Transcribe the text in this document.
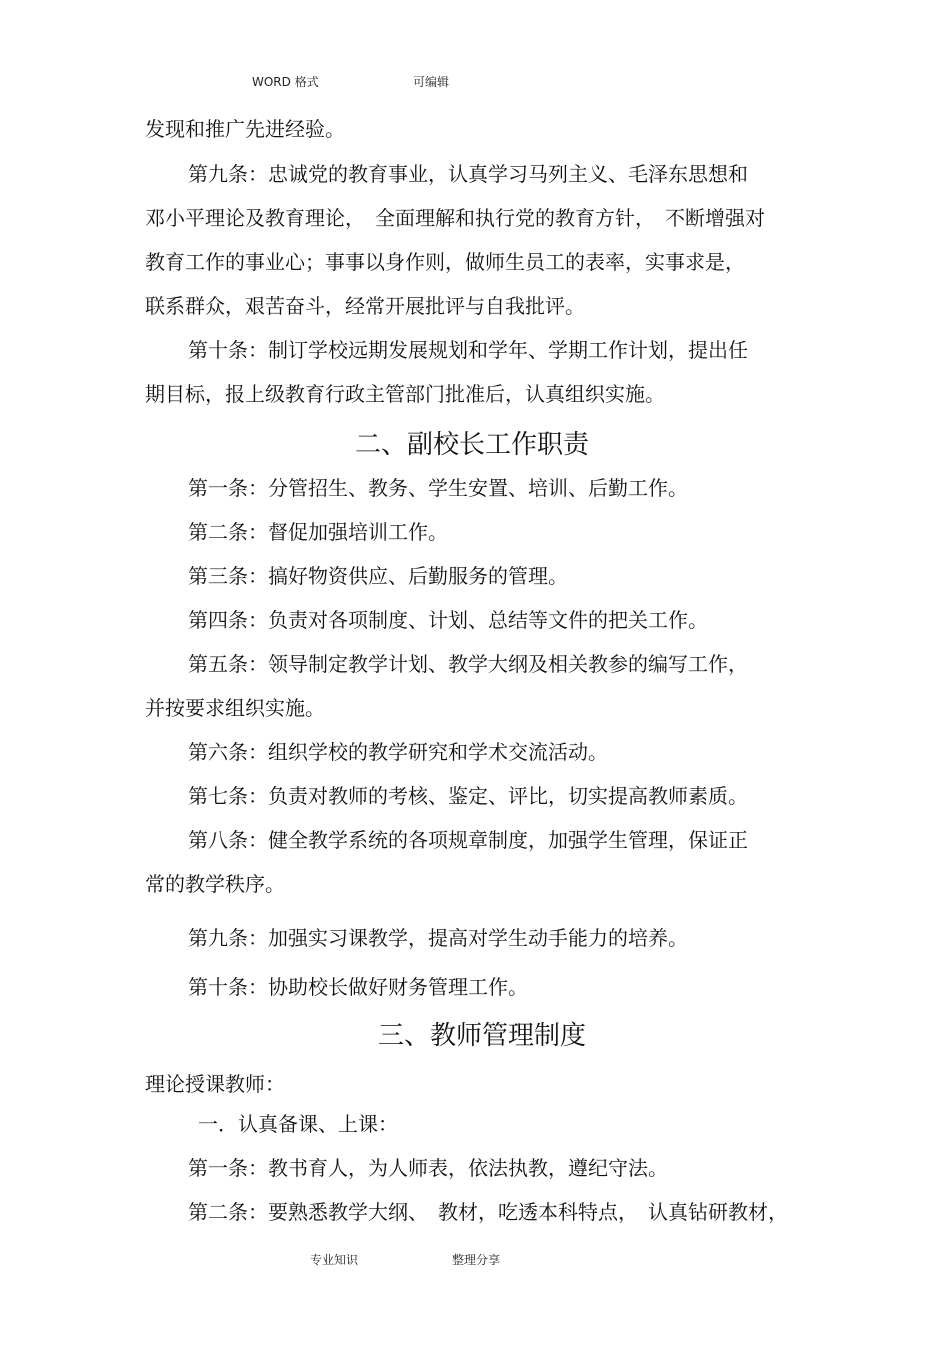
WORD 格式	可编辑
发现和推广先进经验。
第九条：忠诚党的教育事业，认真学习马列主义、毛泽东思想和
邓小平理论及教育理论，　全面理解和执行党的教育方针，　不断增强对
教育工作的事业心；事事以身作则，做师生员工的表率，实事求是，
联系群众，艰苦奋斗，经常开展批评与自我批评。
第十条：制订学校远期发展规划和学年、学期工作计划，提出任
期目标，报上级教育行政主管部门批准后，认真组织实施。
二、副校长工作职责
第一条：分管招生、教务、学生安置、培训、后勤工作。
第二条：督促加强培训工作。
第三条：搞好物资供应、后勤服务的管理。
第四条：负责对各项制度、计划、总结等文件的把关工作。
第五条：领导制定教学计划、教学大纲及相关教参的编写工作，
并按要求组织实施。
第六条：组织学校的教学研究和学术交流活动。
第七条：负责对教师的考核、鉴定、评比，切实提高教师素质。
第八条：健全教学系统的各项规章制度，加强学生管理，保证正
常的教学秩序。
第九条：加强实习课教学，提高对学生动手能力的培养。
第十条：协助校长做好财务管理工作。
三、教师管理制度
理论授课教师：
一．认真备课、上课：
第一条：教书育人，为人师表，依法执教，遵纪守法。
第二条：要熟悉教学大纲、　教材，吃透本科特点，　认真钻研教材，
专业知识	整理分享
